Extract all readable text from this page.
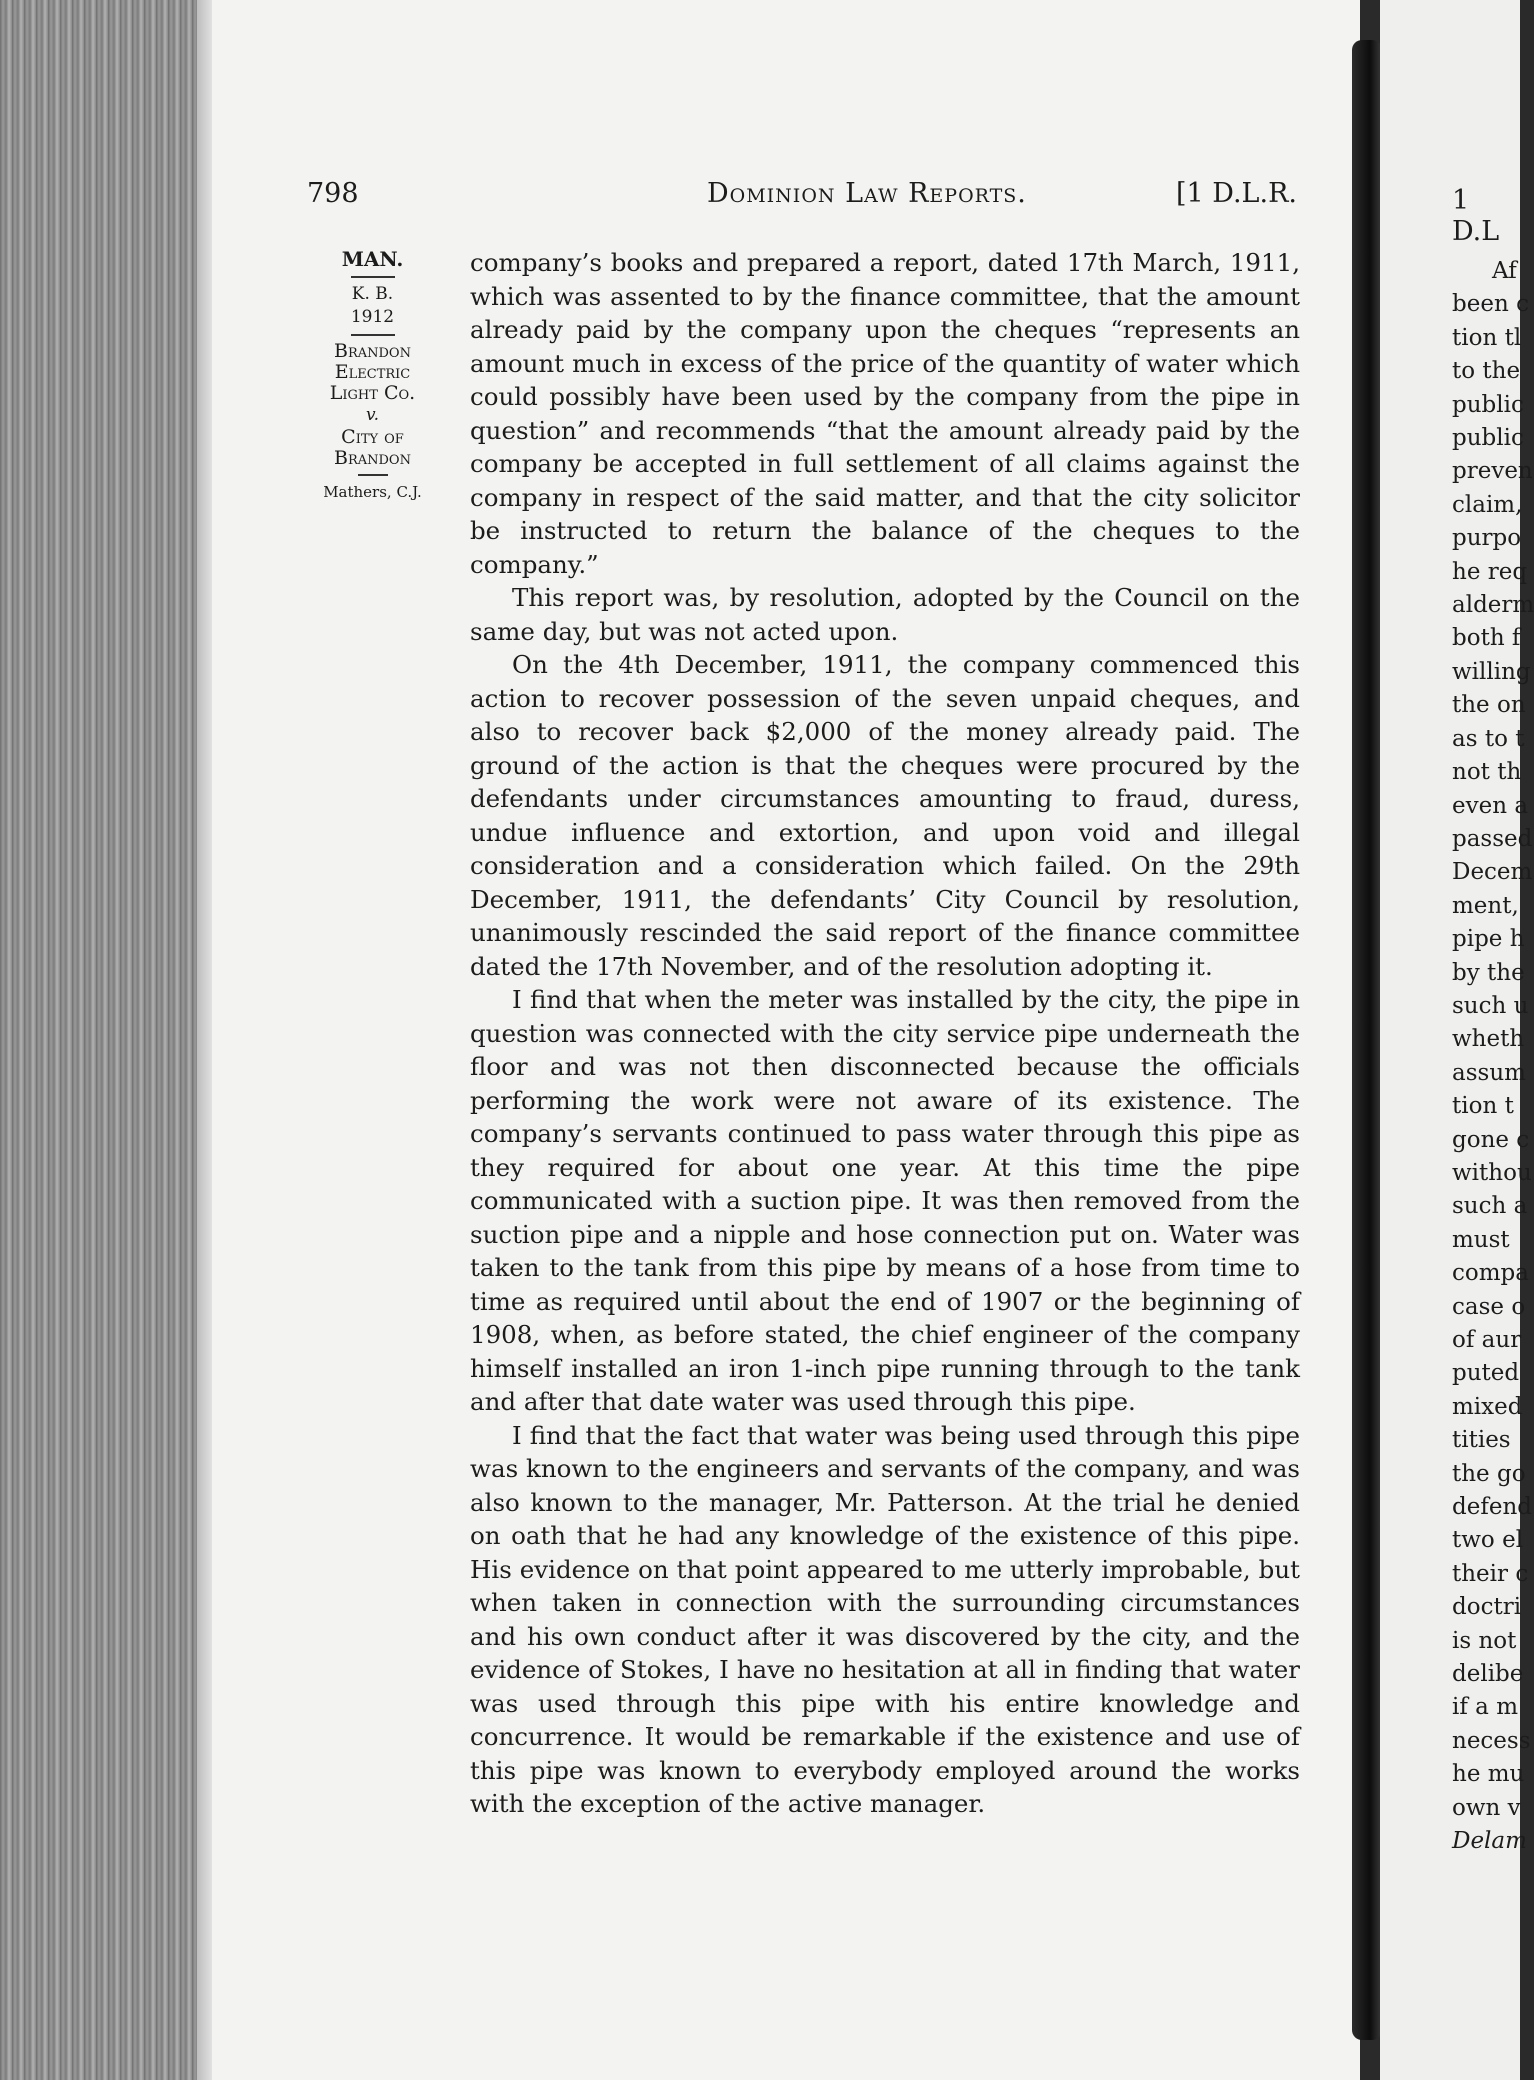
798	Dominion Law Reports.	[1 D.L.R.
MAN.
K. B.
1912
Brandon
Electric
Light Co.
v.
City of
Brandon
Mathers, C.J.

company’s books and prepared a report, dated 17th March, 1911, which was assented to by the finance committee, that the amount already paid by the company upon the cheques “represents an amount much in excess of the price of the quantity of water which could possibly have been used by the company from the pipe in question” and recommends “that the amount already paid by the company be accepted in full settlement of all claims against the company in respect of the said matter, and that the city solicitor be instructed to return the balance of the cheques to the company.”

This report was, by resolution, adopted by the Council on the same day, but was not acted upon.

On the 4th December, 1911, the company commenced this action to recover possession of the seven unpaid cheques, and also to recover back $2,000 of the money already paid. The ground of the action is that the cheques were procured by the defendants under circumstances amounting to fraud, duress, undue influence and extortion, and upon void and illegal consideration and a consideration which failed. On the 29th December, 1911, the defendants’ City Council by resolution, unanimously rescinded the said report of the finance committee dated the 17th November, and of the resolution adopting it.

I find that when the meter was installed by the city, the pipe in question was connected with the city service pipe underneath the floor and was not then disconnected because the officials performing the work were not aware of its existence. The company’s servants continued to pass water through this pipe as they required for about one year. At this time the pipe communicated with a suction pipe. It was then removed from the suction pipe and a nipple and hose connection put on. Water was taken to the tank from this pipe by means of a hose from time to time as required until about the end of 1907 or the beginning of 1908, when, as before stated, the chief engineer of the company himself installed an iron 1-inch pipe running through to the tank and after that date water was used through this pipe.

I find that the fact that water was being used through this pipe was known to the engineers and servants of the company, and was also known to the manager, Mr. Patterson. At the trial he denied on oath that he had any knowledge of the existence of this pipe. His evidence on that point appeared to me utterly improbable, but when taken in connection with the surrounding circumstances and his own conduct after it was discovered by the city, and the evidence of Stokes, I have no hesitation at all in finding that water was used through this pipe with his entire knowledge and concurrence. It would be remarkable if the existence and use of this pipe was known to everybody employed around the works with the exception of the active manager.

1 D.L
Af
been c
tion tl
to the
public
public
preven
claim,
purpo
he req
alderm
both f
willing
the on
as to t
not th
even a
passed
Decem
ment,
pipe h
by the
such u
wheth
assum
tion t
gone c
withou
such a
must
compa
case o
of aur
puted
mixed
tities
the go
defend
two el
their c
doctri
is not
delibe
if a m
necess
he mu
own v
Delam
